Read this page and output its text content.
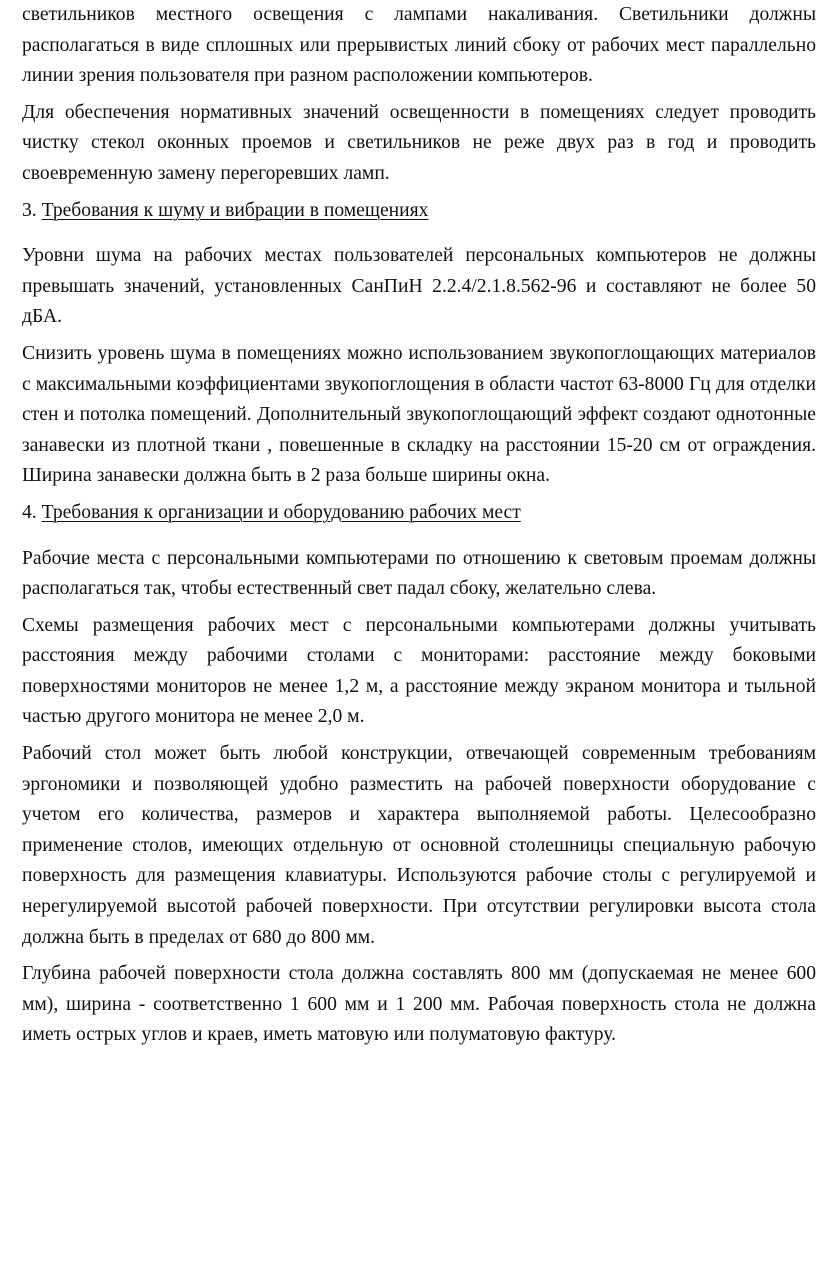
светильников местного освещения с лампами накаливания. Светильники должны располагаться в виде сплошных или прерывистых линий сбоку от рабочих мест параллельно линии зрения пользователя при разном расположении компьютеров.

Для обеспечения нормативных значений освещенности в помещениях следует проводить чистку стекол оконных проемов и светильников не реже двух раз в год и проводить своевременную замену перегоревших ламп.

3. Требования к шуму и вибрации в помещениях

Уровни шума на рабочих местах пользователей персональных компьютеров не должны превышать значений, установленных СанПиН 2.2.4/2.1.8.562-96 и составляют не более 50 дБА.

Снизить уровень шума в помещениях можно использованием звукопоглощающих материалов с максимальными коэффициентами звукопоглощения в области частот 63-8000 Гц для отделки стен и потолка помещений. Дополнительный звукопоглощающий эффект создают однотонные занавески из плотной ткани , повешенные в складку на расстоянии 15-20 см от ограждения. Ширина занавески должна быть в 2 раза больше ширины окна.

4. Требования к организации и оборудованию рабочих мест

Рабочие места с персональными компьютерами по отношению к световым проемам должны располагаться так, чтобы естественный свет падал сбоку, желательно слева.

Схемы размещения рабочих мест с персональными компьютерами должны учитывать расстояния между рабочими столами с мониторами: расстояние между боковыми поверхностями мониторов не менее 1,2 м, а расстояние между экраном монитора и тыльной частью другого монитора не менее 2,0 м.

Рабочий стол может быть любой конструкции, отвечающей современным требованиям эргономики и позволяющей удобно разместить на рабочей поверхности оборудование с учетом его количества, размеров и характера выполняемой работы. Целесообразно применение столов, имеющих отдельную от основной столешницы специальную рабочую поверхность для размещения клавиатуры. Используются рабочие столы с регулируемой и нерегулируемой высотой рабочей поверхности. При отсутствии регулировки высота стола должна быть в пределах от 680 до 800 мм.

Глубина рабочей поверхности стола должна составлять 800 мм (допускаемая не менее 600 мм), ширина - соответственно 1 600 мм и 1 200 мм. Рабочая поверхность стола не должна иметь острых углов и краев, иметь матовую или полуматовую фактуру.
